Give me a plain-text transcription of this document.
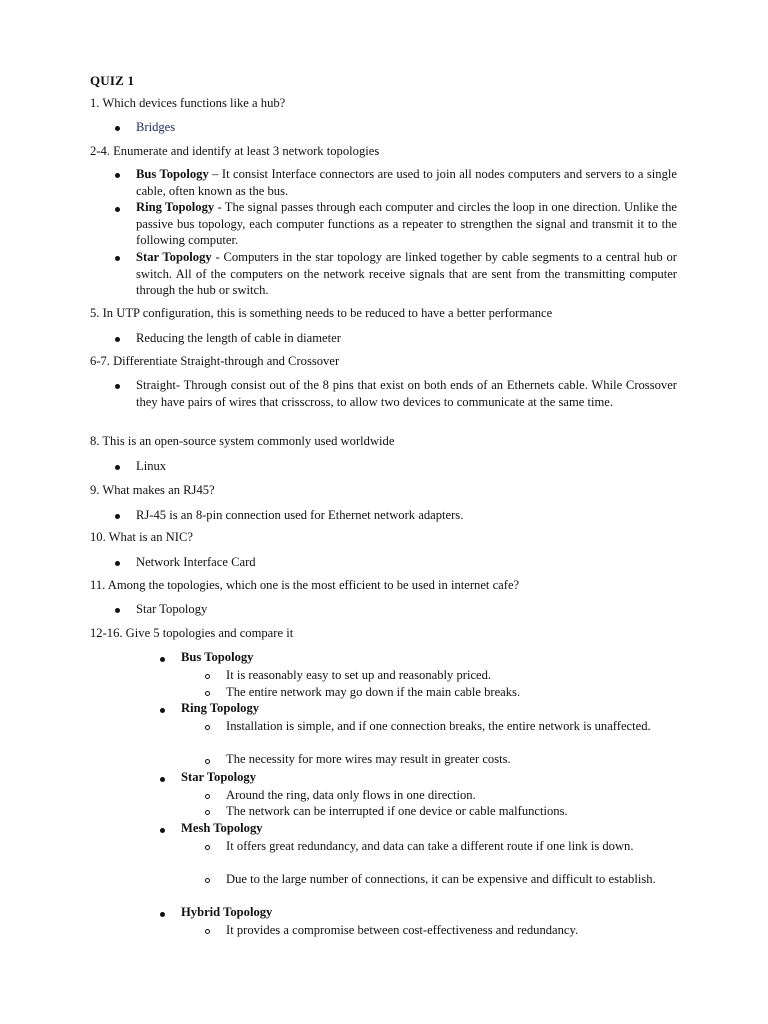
QUIZ 1
1. Which devices functions like a hub?
Bridges
2-4. Enumerate and identify at least 3 network topologies
Bus Topology – It consist Interface connectors are used to join all nodes computers and servers to a single cable, often known as the bus.
Ring Topology - The signal passes through each computer and circles the loop in one direction. Unlike the passive bus topology, each computer functions as a repeater to strengthen the signal and transmit it to the following computer.
Star Topology - Computers in the star topology are linked together by cable segments to a central hub or switch. All of the computers on the network receive signals that are sent from the transmitting computer through the hub or switch.
5. In UTP configuration, this is something needs to be reduced to have a better performance
Reducing the length of cable in diameter
6-7. Differentiate Straight-through and Crossover
Straight- Through consist out of the 8 pins that exist on both ends of an Ethernets cable. While Crossover they have pairs of wires that crisscross, to allow two devices to communicate at the same time.
8. This is an open-source system commonly used worldwide
Linux
9. What makes an RJ45?
RJ-45 is an 8-pin connection used for Ethernet network adapters.
10. What is an NIC?
Network Interface Card
11. Among the topologies, which one is the most efficient to be used in internet cafe?
Star Topology
12-16. Give 5 topologies and compare it
Bus Topology
It is reasonably easy to set up and reasonably priced.
The entire network may go down if the main cable breaks.
Ring Topology
Installation is simple, and if one connection breaks, the entire network is unaffected.
The necessity for more wires may result in greater costs.
Star Topology
Around the ring, data only flows in one direction.
The network can be interrupted if one device or cable malfunctions.
Mesh Topology
It offers great redundancy, and data can take a different route if one link is down.
Due to the large number of connections, it can be expensive and difficult to establish.
Hybrid Topology
It provides a compromise between cost-effectiveness and redundancy.
